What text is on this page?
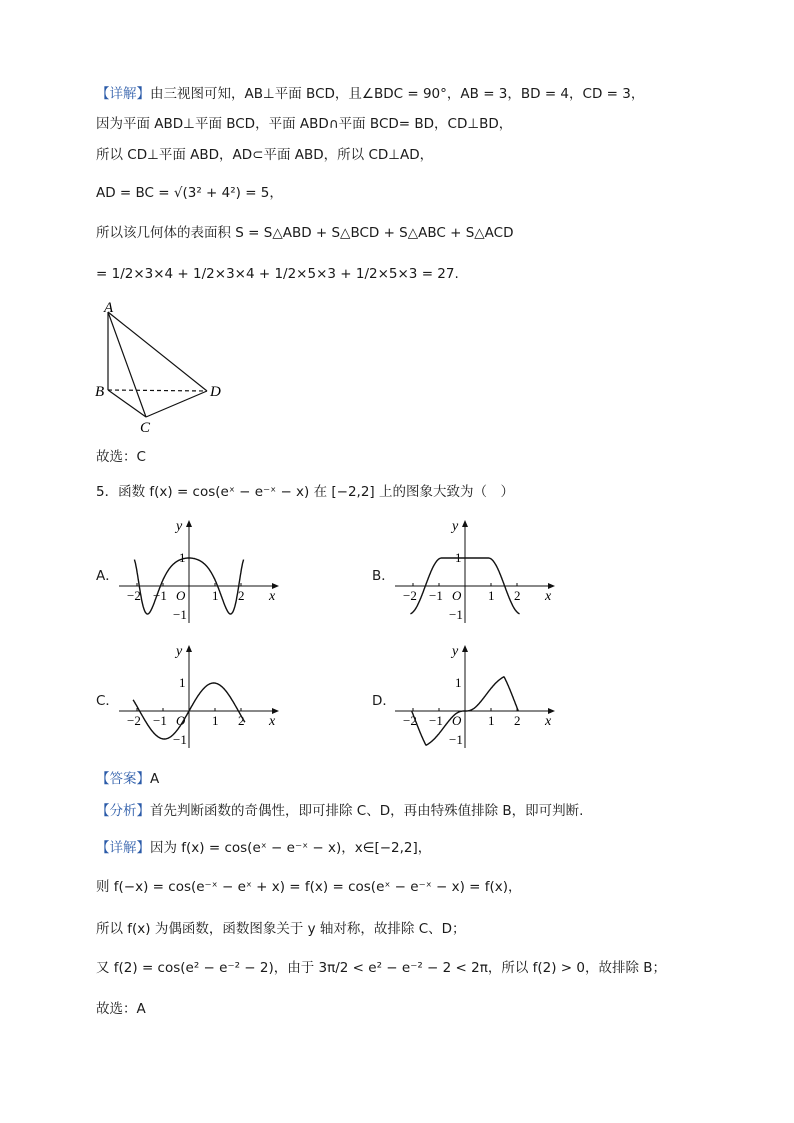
【详解】由三视图可知，AB⊥平面 BCD，且∠BDC = 90°，AB = 3，BD = 4，CD = 3，
因为平面 ABD⊥平面 BCD，平面 ABD∩平面 BCD= BD，CD⊥BD，
所以 CD⊥平面 ABD，AD⊂平面 ABD，所以 CD⊥AD，
AD = BC = √(3² + 4²) = 5，
所以该几何体的表面积 S = S△ABD + S△BCD + S△ABC + S△ACD
= 1/2×3×4 + 1/2×3×4 + 1/2×5×3 + 1/2×5×3 = 27.
A
B
C
D
故选：C
5．函数 f(x) = cos(eˣ − e⁻ˣ − x) 在 [−2,2] 上的图象大致为（　）
A．	B．
C．	D．
−2 −1 O 1 2
1
−1
y
x	−2 −1 O 1 2
1
−1
y
x
−2 −1 O 1 2
1
−1
y
x	−2 −1 O 1 2
1
−1
y
x
【答案】A
【分析】首先判断函数的奇偶性，即可排除 C、D，再由特殊值排除 B，即可判断.
【详解】因为 f(x) = cos(eˣ − e⁻ˣ − x)，x∈[−2,2]，
则 f(−x) = cos(e⁻ˣ − eˣ + x) = f(x) = cos(eˣ − e⁻ˣ − x) = f(x)，
所以 f(x) 为偶函数，函数图象关于 y 轴对称，故排除 C、D；
又 f(2) = cos(e² − e⁻² − 2)，由于 3π/2 < e² − e⁻² − 2 < 2π，所以 f(2) > 0，故排除 B；
故选：A
